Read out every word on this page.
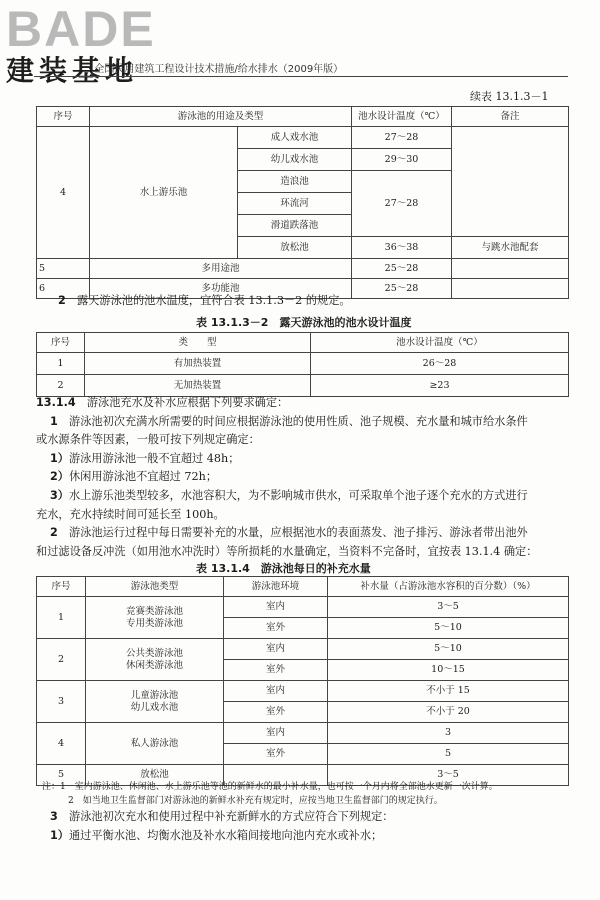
BADE
建装基地
· 全国民用建筑工程设计技术措施/给水排水（2009年版）
续表 13.1.3－1
序号	游泳池的用途及类型		池水设计温度（℃）	备注
4	水上游乐池	成人戏水池	27～28	
		幼儿戏水池	29～30	
		造浪池	27～28	
		环流河		
		滑道跌落池		
		放松池	36～38	与跳水池配套
5	多用途池		25～28	
6	多功能池		25～28	

2　 露天游泳池的池水温度，宜符合表 13.1.3－2 的规定。

表 13.1.3－2　露天游泳池的池水设计温度
序号	类　　型	池水设计温度（℃）
1	有加热装置	26～28
2	无加热装置	≥23

13.1.4　 游泳池充水及补水应根据下列要求确定：

1　 游泳池初次充满水所需要的时间应根据游泳池的使用性质、池子规模、充水量和城市给水条件

或水源条件等因素，一般可按下列规定确定：

1）游泳用游泳池一般不宜超过 48h；

2）休闲用游泳池不宜超过 72h；

3）水上游乐池类型较多，水池容积大，为不影响城市供水，可采取单个池子逐个充水的方式进行

充水，充水持续时间可延长至 100h。

2　 游泳池运行过程中每日需要补充的水量，应根据池水的表面蒸发、池子排污、游泳者带出池外

和过滤设备反冲洗（如用池水冲洗时）等所损耗的水量确定，当资料不完备时，宜按表 13.1.4 确定：

表 13.1.4　游泳池每日的补充水量
序号	游泳池类型	游泳池环境	补水量（占游泳池水容积的百分数）（%）
1	竞赛类游泳池
专用类游泳池	室内	3～5
		室外	5～10
2	公共类游泳池
休闲类游泳池	室内	5～10
		室外	10～15
3	儿童游泳池
幼儿戏水池	室内	不小于 15
		室外	不小于 20
4	私人游泳池	室内	3
		室外	5
5	放松池		3～5

注：1　 室内游泳池、休闲池、水上游乐池等池的新鲜水的最小补水量，也可按一个月内将全部池水更新一次计算。

2　 如当地卫生监督部门对游泳池的新鲜水补充有规定时，应按当地卫生监督部门的规定执行。

3　 游泳池初次充水和使用过程中补充新鲜水的方式应符合下列规定：

1）通过平衡水池、均衡水池及补水水箱间接地向池内充水或补水；
